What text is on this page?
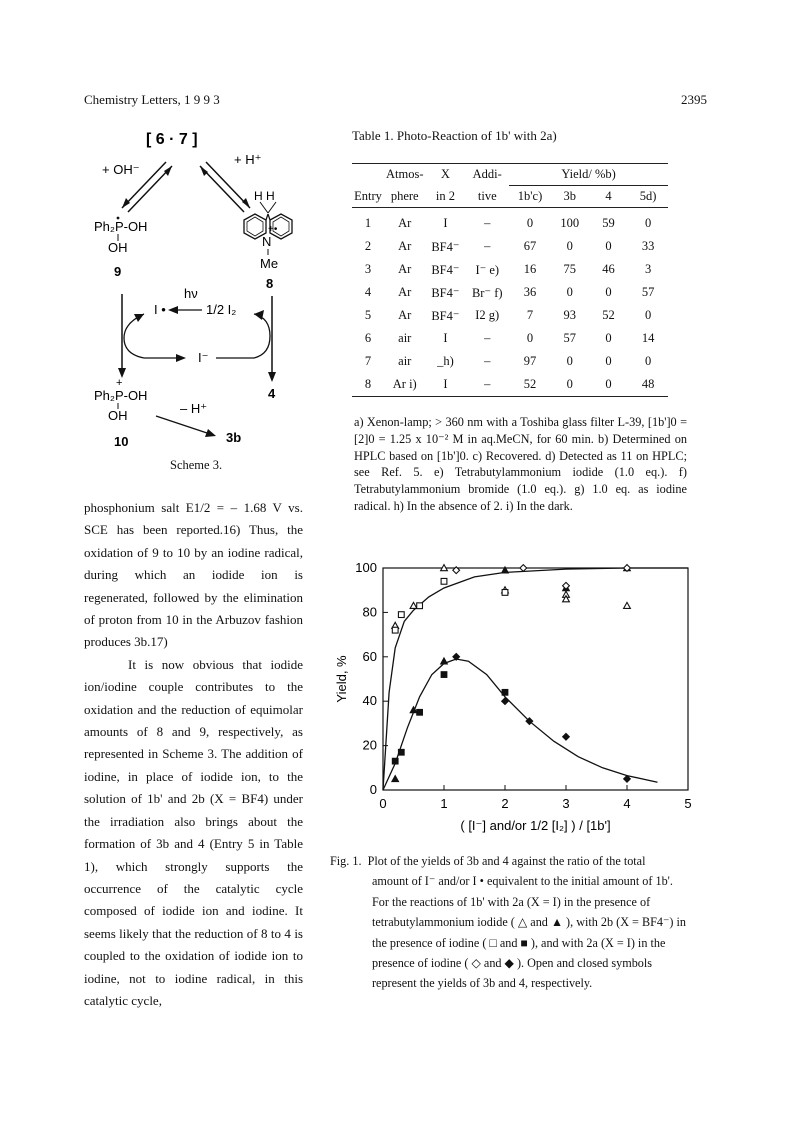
Chemistry Letters, 1 9 9 3	2395
[ 6 · 7 ]
+ OH⁻
+ H⁺
Ph₂P-OH
OH
9
H H
N
+•
Me
8
hν
I •	1/2 I₂
I⁻
4
+
Ph₂P-OH
OH
10
– H⁺
3b
Scheme 3.

phosphonium salt E1/2 = – 1.68 V vs. SCE has been reported.16) Thus, the oxidation of 9 to 10 by an iodine radical, during which an iodide ion is regenerated, followed by the elimination of proton from 10 in the Arbuzov fashion produces 3b.17)

It is now obvious that iodide ion/iodine couple contributes to the oxidation and the reduction of equimolar amounts of 8 and 9, respectively, as represented in Scheme 3. The addition of iodine, in place of iodide ion, to the solution of 1b' and 2b (X = BF4) under the irradiation also brings about the formation of 3b and 4 (Entry 5 in Table 1), which strongly supports the occurrence of the catalytic cycle composed of iodide ion and iodine. It seems likely that the reduction of 8 to 4 is coupled to the oxidation of iodide ion to iodine, not to iodine radical, in this catalytic cycle,

Table 1. Photo-Reaction of 1b' with 2a)
	Atmos-	X	Addi-	Yield/ %b)			
Entry	phere	in 2	tive	1b'c)	3b	4	5d)
1	Ar	I	–	0	100	59	0
2	Ar	BF4⁻	–	67	0	0	33
3	Ar	BF4⁻	I⁻ e)	16	75	46	3
4	Ar	BF4⁻	Br⁻ f)	36	0	0	57
5	Ar	BF4⁻	I2 g)	7	93	52	0
6	air	I	–	0	57	0	14
7	air	_h)	–	97	0	0	0
8	Ar i)	I	–	52	0	0	48
a) Xenon-lamp; > 360 nm with a Toshiba glass filter L-39, [1b']0 = [2]0 = 1.25 x 10⁻² M in aq.MeCN, for 60 min. b) Determined on HPLC based on [1b']0. c) Recovered. d) Detected as 11 on HPLC; see Ref. 5. e) Tetrabutylammonium iodide (1.0 eq.). f) Tetrabutylammonium bromide (1.0 eq.). g) 1.0 eq. as iodine radical. h) In the absence of 2. i) In the dark.
0	1	2	3	4	5
0
20
40
60
80
100
Yield, %
( [I⁻] and/or 1/2 [I₂] ) / [1b']
Fig. 1. Plot of the yields of 3b and 4 against the ratio of the total
amount of I⁻ and/or I • equivalent to the initial amount of 1b'. For the reactions of 1b' with 2a (X = I) in the presence of tetrabutylammonium iodide ( △ and ▲ ), with 2b (X = BF4⁻) in the presence of iodine ( □ and ■ ), and with 2a (X = I) in the presence of iodine ( ◇ and ◆ ). Open and closed symbols represent the yields of 3b and 4, respectively.
